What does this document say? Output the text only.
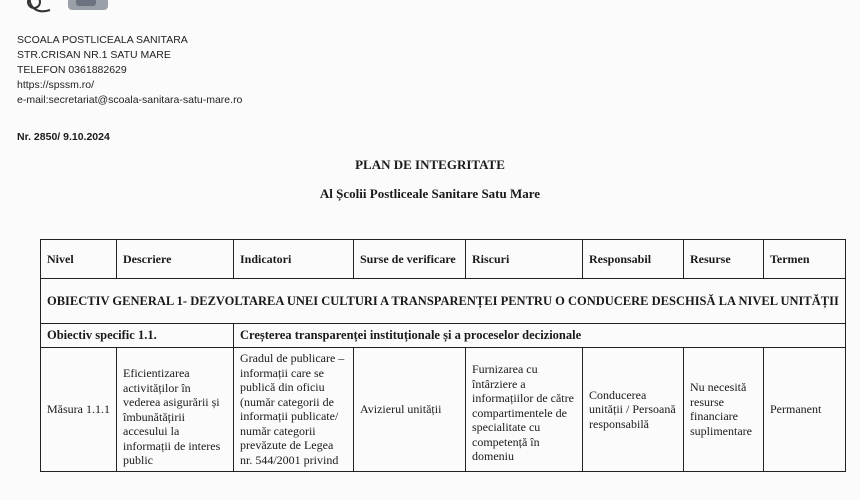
SCOALA POSTLICEALA SANITARA
STR.CRISAN NR.1 SATU MARE
TELEFON 0361882629
https://spssm.ro/
e-mail:secretariat@scoala-sanitara-satu-mare.ro
Nr. 2850/ 9.10.2024
PLAN DE INTEGRITATE
Al Școlii Postliceale Sanitare Satu Mare
Nivel	Descriere	Indicatori	Surse de verificare	Riscuri	Responsabil	Resurse	Termen
OBIECTIV GENERAL 1- DEZVOLTAREA UNEI CULTURI A TRANSPARENȚEI PENTRU O CONDUCERE DESCHISĂ LA NIVEL UNITĂȚII							
Obiectiv specific 1.1.		Creșterea transparenței instituționale și a proceselor decizionale					
Măsura 1.1.1	Eficientizarea activităților în vederea asigurării și îmbunătățirii accesului la informații de interes public	Gradul de publicare – informații care se publică din oficiu (număr categorii de informații publicate/ număr categorii prevăzute de Legea nr. 544/2001 privind	Avizierul unității	Furnizarea cu întârziere a informațiilor de către compartimentele de specialitate cu competență în domeniu	Conducerea unității / Persoană responsabilă	Nu necesită resurse financiare suplimentare	Permanent
